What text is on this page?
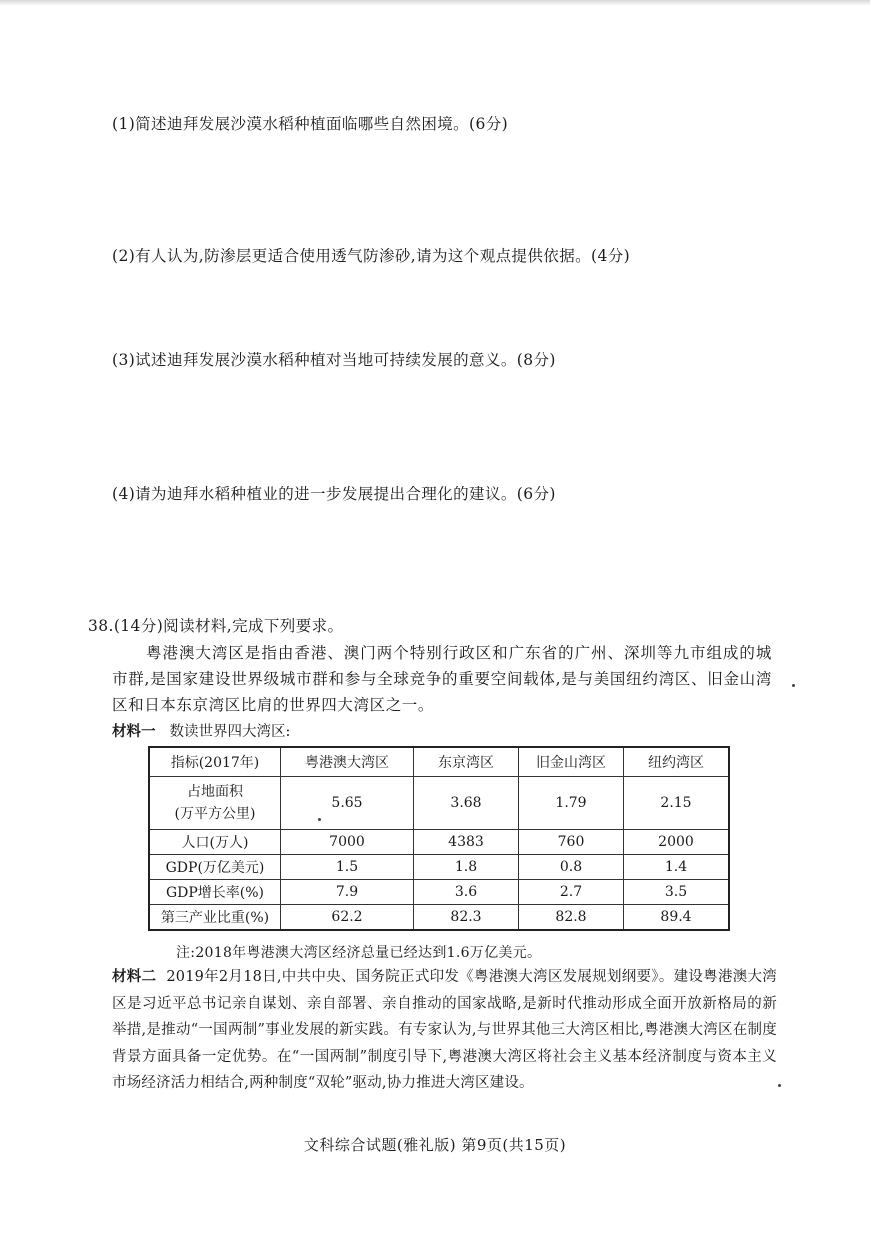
(1)简述迪拜发展沙漠水稻种植面临哪些自然困境。(6分)
(2)有人认为,防渗层更适合使用透气防渗砂,请为这个观点提供依据。(4分)
(3)试述迪拜发展沙漠水稻种植对当地可持续发展的意义。(8分)
(4)请为迪拜水稻种植业的进一步发展提出合理化的建议。(6分)
38.(14分)阅读材料,完成下列要求。
粤港澳大湾区是指由香港、澳门两个特别行政区和广东省的广州、深圳等九市组成的城市群,是国家建设世界级城市群和参与全球竞争的重要空间载体,是与美国纽约湾区、旧金山湾区和日本东京湾区比肩的世界四大湾区之一。
材料一 数读世界四大湾区:
指标(2017年)	粤港澳大湾区	东京湾区	旧金山湾区	纽约湾区

占地面积
(万平方公里)	5.65	3.68	1.79	2.15
人口(万人)	7000	4383	760	2000
GDP(万亿美元)	1.5	1.8	0.8	1.4
GDP增长率(%)	7.9	3.6	2.7	3.5
第三产业比重(%)	62.2	82.3	82.8	89.4
注:2018年粤港澳大湾区经济总量已经达到1.6万亿美元。
材料二 2019年2月18日,中共中央、国务院正式印发《粤港澳大湾区发展规划纲要》。建设粤港澳大湾区是习近平总书记亲自谋划、亲自部署、亲自推动的国家战略,是新时代推动形成全面开放新格局的新举措,是推动“一国两制”事业发展的新实践。有专家认为,与世界其他三大湾区相比,粤港澳大湾区在制度背景方面具备一定优势。在“一国两制”制度引导下,粤港澳大湾区将社会主义基本经济制度与资本主义市场经济活力相结合,两种制度“双轮”驱动,协力推进大湾区建设。
文科综合试题(雅礼版) 第9页(共15页)
